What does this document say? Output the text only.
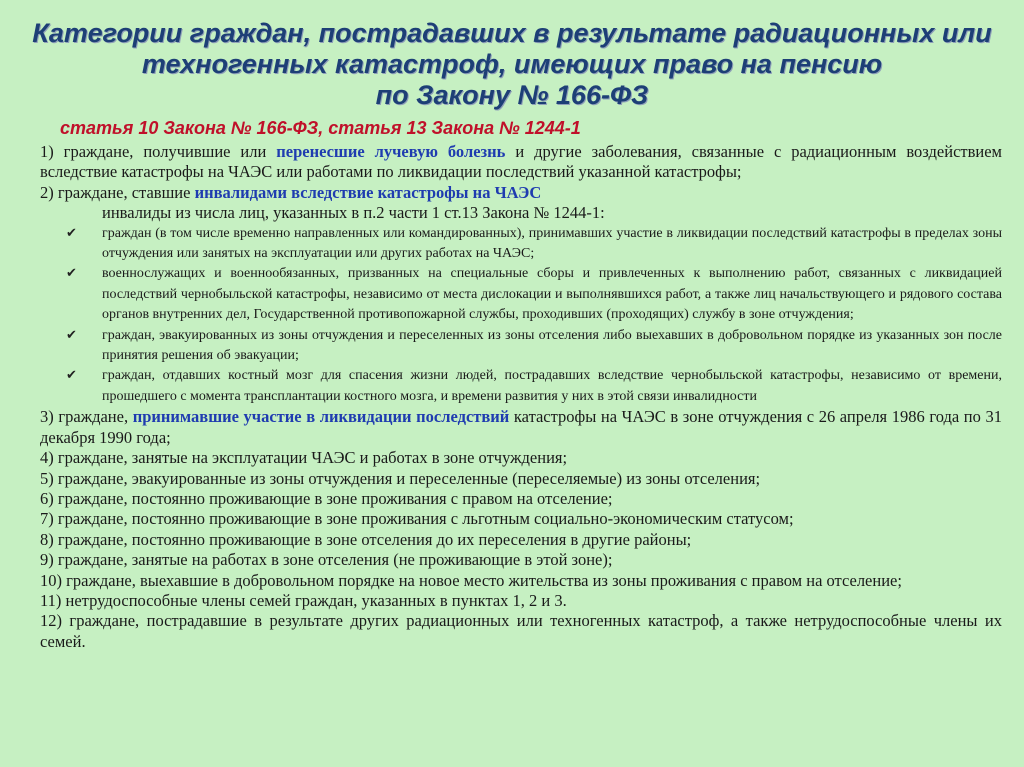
Категории граждан, пострадавших в результате радиационных или
техногенных катастроф, имеющих право на пенсию
по Закону № 166-ФЗ
статья 10 Закона № 166-ФЗ, статья 13 Закона № 1244-1

1) граждане, получившие или перенесшие лучевую болезнь и другие заболевания, связанные с радиационным воздействием вследствие катастрофы на ЧАЭС или работами по ликвидации последствий указанной катастрофы;

2) граждане, ставшие инвалидами вследствие катастрофы на ЧАЭС

инвалиды из числа лиц, указанных в п.2 части 1 ст.13 Закона № 1244-1:

✔ граждан (в том числе временно направленных или командированных), принимавших участие в ликвидации последствий катастрофы в пределах зоны отчуждения или занятых на эксплуатации или других работах на ЧАЭС;
✔ военнослужащих и военнообязанных, призванных на специальные сборы и привлеченных к выполнению работ, связанных с ликвидацией последствий чернобыльской катастрофы, независимо от места дислокации и выполнявшихся работ, а также лиц начальствующего и рядового состава органов внутренних дел, Государственной противопожарной службы, проходивших (проходящих) службу в зоне отчуждения;
✔ граждан, эвакуированных из зоны отчуждения и переселенных из зоны отселения либо выехавших в добровольном порядке из указанных зон после принятия решения об эвакуации;
✔ граждан, отдавших костный мозг для спасения жизни людей, пострадавших вследствие чернобыльской катастрофы, независимо от времени, прошедшего с момента трансплантации костного мозга, и времени развития у них в этой связи инвалидности

3) граждане, принимавшие участие в ликвидации последствий катастрофы на ЧАЭС в зоне отчуждения с 26 апреля 1986 года по 31 декабря 1990 года;

4) граждане, занятые на эксплуатации ЧАЭС и работах в зоне отчуждения;

5) граждане, эвакуированные из зоны отчуждения и переселенные (переселяемые) из зоны отселения;

6) граждане, постоянно проживающие в зоне проживания с правом на отселение;

7) граждане, постоянно проживающие в зоне проживания с льготным социально-экономическим статусом;

8) граждане, постоянно проживающие в зоне отселения до их переселения в другие районы;

9) граждане, занятые на работах в зоне отселения (не проживающие в этой зоне);

10) граждане, выехавшие в добровольном порядке на новое место жительства из зоны проживания с правом на отселение;

11) нетрудоспособные члены семей граждан, указанных в пунктах 1, 2 и 3.

12) граждане, пострадавшие в результате других радиационных или техногенных катастроф, а также нетрудоспособные члены их семей.
